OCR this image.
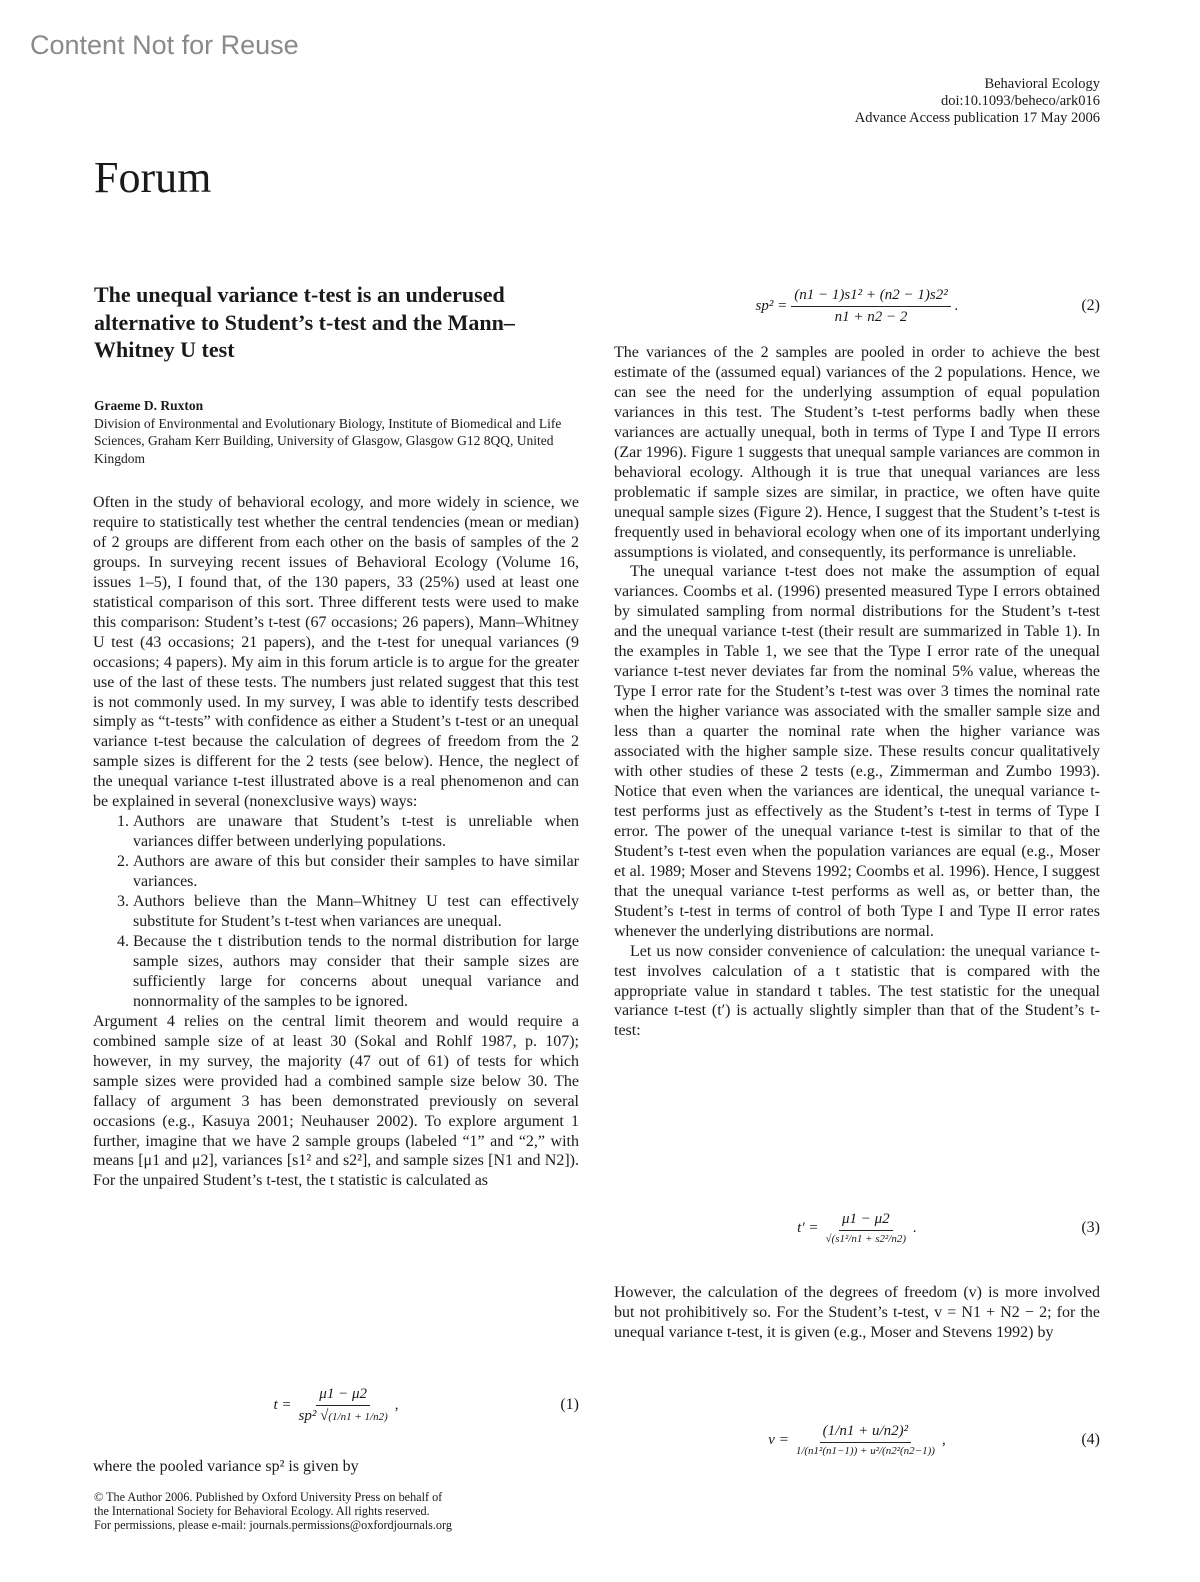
Content Not for Reuse
Behavioral Ecology
doi:10.1093/beheco/ark016
Advance Access publication 17 May 2006
Forum
The unequal variance t-test is an underused alternative to Student’s t-test and the Mann–Whitney U test
Graeme D. Ruxton
Division of Environmental and Evolutionary Biology, Institute of Biomedical and Life Sciences, Graham Kerr Building, University of Glasgow, Glasgow G12 8QQ, United Kingdom

Often in the study of behavioral ecology, and more widely in science, we require to statistically test whether the central tendencies (mean or median) of 2 groups are different from each other on the basis of samples of the 2 groups. In surveying recent issues of Behavioral Ecology (Volume 16, issues 1–5), I found that, of the 130 papers, 33 (25%) used at least one statistical comparison of this sort. Three different tests were used to make this comparison: Student’s t-test (67 occasions; 26 papers), Mann–Whitney U test (43 occasions; 21 papers), and the t-test for unequal variances (9 occasions; 4 papers). My aim in this forum article is to argue for the greater use of the last of these tests. The numbers just related suggest that this test is not commonly used. In my survey, I was able to identify tests described simply as “t-tests” with confidence as either a Student’s t-test or an unequal variance t-test because the calculation of degrees of freedom from the 2 sample sizes is different for the 2 tests (see below). Hence, the neglect of the unequal variance t-test illustrated above is a real phenomenon and can be explained in several (nonexclusive ways) ways:

1. Authors are unaware that Student’s t-test is unreliable when variances differ between underlying populations.
2. Authors are aware of this but consider their samples to have similar variances.
3. Authors believe than the Mann–Whitney U test can effectively substitute for Student’s t-test when variances are unequal.
4. Because the t distribution tends to the normal distribution for large sample sizes, authors may consider that their sample sizes are sufficiently large for concerns about unequal variance and nonnormality of the samples to be ignored.

Argument 4 relies on the central limit theorem and would require a combined sample size of at least 30 (Sokal and Rohlf 1987, p. 107); however, in my survey, the majority (47 out of 61) of tests for which sample sizes were provided had a combined sample size below 30. The fallacy of argument 3 has been demonstrated previously on several occasions (e.g., Kasuya 2001; Neuhauser 2002). To explore argument 1 further, imagine that we have 2 sample groups (labeled “1” and “2,” with means [μ1 and μ2], variances [s1² and s2²], and sample sizes [N1 and N2]). For the unpaired Student’s t-test, the t statistic is calculated as

$t = \frac{\mu 1 - \mu 2}{\text{sp² √(1/n1 + 1/n2)}}$ ,	(1)
where the pooled variance sp² is given by
© The Author 2006. Published by Oxford University Press on behalf of
the International Society for Behavioral Ecology. All rights reserved.
For permissions, please e-mail: journals.permissions@oxfordjournals.org
$sp^2 = \frac{\text{(n1 − 1)s1² + (n2 − 1)s2²}}{n1 + n2 - 2}$ .	(2)

The variances of the 2 samples are pooled in order to achieve the best estimate of the (assumed equal) variances of the 2 populations. Hence, we can see the need for the underlying assumption of equal population variances in this test. The Student’s t-test performs badly when these variances are actually unequal, both in terms of Type I and Type II errors (Zar 1996). Figure 1 suggests that unequal sample variances are common in behavioral ecology. Although it is true that unequal variances are less problematic if sample sizes are similar, in practice, we often have quite unequal sample sizes (Figure 2). Hence, I suggest that the Student’s t-test is frequently used in behavioral ecology when one of its important underlying assumptions is violated, and consequently, its performance is unreliable.

The unequal variance t-test does not make the assumption of equal variances. Coombs et al. (1996) presented measured Type I errors obtained by simulated sampling from normal distributions for the Student’s t-test and the unequal variance t-test (their result are summarized in Table 1). In the examples in Table 1, we see that the Type I error rate of the unequal variance t-test never deviates far from the nominal 5% value, whereas the Type I error rate for the Student’s t-test was over 3 times the nominal rate when the higher variance was associated with the smaller sample size and less than a quarter the nominal rate when the higher variance was associated with the higher sample size. These results concur qualitatively with other studies of these 2 tests (e.g., Zimmerman and Zumbo 1993). Notice that even when the variances are identical, the unequal variance t-test performs just as effectively as the Student’s t-test in terms of Type I error. The power of the unequal variance t-test is similar to that of the Student’s t-test even when the population variances are equal (e.g., Moser et al. 1989; Moser and Stevens 1992; Coombs et al. 1996). Hence, I suggest that the unequal variance t-test performs as well as, or better than, the Student’s t-test in terms of control of both Type I and Type II error rates whenever the underlying distributions are normal.

Let us now consider convenience of calculation: the unequal variance t-test involves calculation of a t statistic that is compared with the appropriate value in standard t tables. The test statistic for the unequal variance t-test (t′) is actually slightly simpler than that of the Student’s t-test:

$t' = \frac{\mu 1 - \mu 2}{\text{√(s1²/n1 + s2²/n2)}}$ .	(3)
However, the calculation of the degrees of freedom (v) is more involved but not prohibitively so. For the Student’s t-test, v = N1 + N2 − 2; for the unequal variance t-test, it is given (e.g., Moser and Stevens 1992) by
$v = \frac{\text{(1/n1 + u/n2)²}}{\text{1/(n1²(n1−1)) + u²/(n2²(n2−1))}}$ ,	(4)
